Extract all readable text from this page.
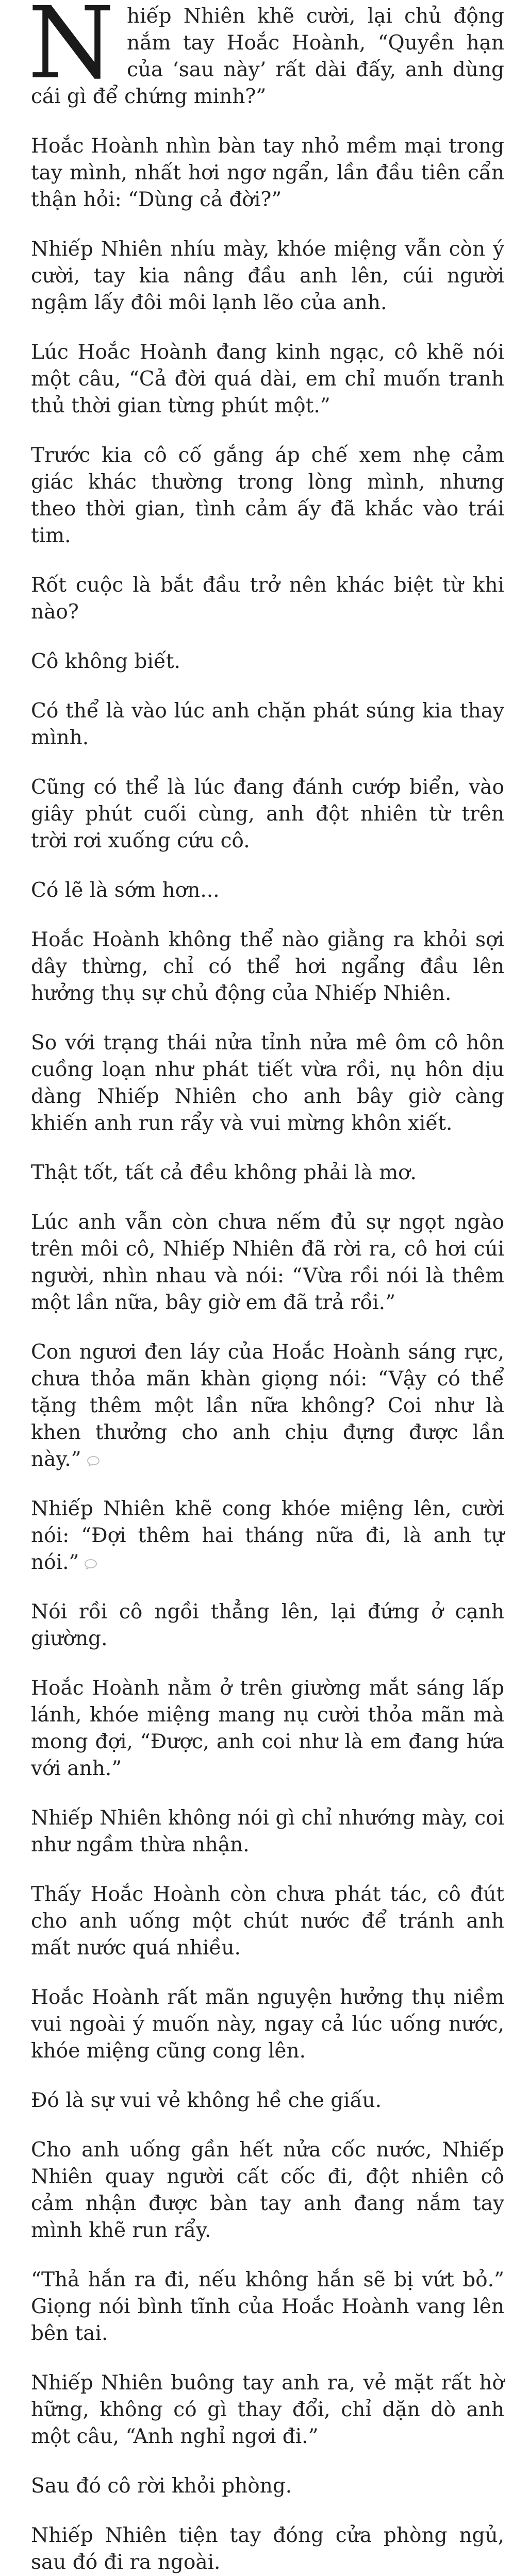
Nhiếp Nhiên khẽ cười, lại chủ động nắm tay Hoắc Hoành, “Quyền hạn của ‘sau này’ rất dài đấy, anh dùng cái gì để chứng minh?”

Hoắc Hoành nhìn bàn tay nhỏ mềm mại trong tay mình, nhất hơi ngơ ngẩn, lần đầu tiên cẩn thận hỏi: “Dùng cả đời?”

Nhiếp Nhiên nhíu mày, khóe miệng vẫn còn ý cười, tay kia nâng đầu anh lên, cúi người ngậm lấy đôi môi lạnh lẽo của anh.

Lúc Hoắc Hoành đang kinh ngạc, cô khẽ nói một câu, “Cả đời quá dài, em chỉ muốn tranh thủ thời gian từng phút một.”

Trước kia cô cố gắng áp chế xem nhẹ cảm giác khác thường trong lòng mình, nhưng theo thời gian, tình cảm ấy đã khắc vào trái tim.

Rốt cuộc là bắt đầu trở nên khác biệt từ khi nào?

Cô không biết.

Có thể là vào lúc anh chặn phát súng kia thay mình.

Cũng có thể là lúc đang đánh cướp biển, vào giây phút cuối cùng, anh đột nhiên từ trên trời rơi xuống cứu cô.

Có lẽ là sớm hơn...

Hoắc Hoành không thể nào giằng ra khỏi sợi dây thừng, chỉ có thể hơi ngẩng đầu lên hưởng thụ sự chủ động của Nhiếp Nhiên.

So với trạng thái nửa tỉnh nửa mê ôm cô hôn cuồng loạn như phát tiết vừa rồi, nụ hôn dịu dàng Nhiếp Nhiên cho anh bây giờ càng khiến anh run rẩy và vui mừng khôn xiết.

Thật tốt, tất cả đều không phải là mơ.

Lúc anh vẫn còn chưa nếm đủ sự ngọt ngào trên môi cô, Nhiếp Nhiên đã rời ra, cô hơi cúi người, nhìn nhau và nói: “Vừa rồi nói là thêm một lần nữa, bây giờ em đã trả rồi.”

Con ngươi đen láy của Hoắc Hoành sáng rực, chưa thỏa mãn khàn giọng nói: “Vậy có thể tặng thêm một lần nữa không? Coi như là khen thưởng cho anh chịu đựng được lần này.”

Nhiếp Nhiên khẽ cong khóe miệng lên, cười nói: “Đợi thêm hai tháng nữa đi, là anh tự nói.”

Nói rồi cô ngồi thẳng lên, lại đứng ở cạnh giường.

Hoắc Hoành nằm ở trên giường mắt sáng lấp lánh, khóe miệng mang nụ cười thỏa mãn mà mong đợi, “Được, anh coi như là em đang hứa với anh.”

Nhiếp Nhiên không nói gì chỉ nhướng mày, coi như ngầm thừa nhận.

Thấy Hoắc Hoành còn chưa phát tác, cô đút cho anh uống một chút nước để tránh anh mất nước quá nhiều.

Hoắc Hoành rất mãn nguyện hưởng thụ niềm vui ngoài ý muốn này, ngay cả lúc uống nước, khóe miệng cũng cong lên.

Đó là sự vui vẻ không hề che giấu.

Cho anh uống gần hết nửa cốc nước, Nhiếp Nhiên quay người cất cốc đi, đột nhiên cô cảm nhận được bàn tay anh đang nắm tay mình khẽ run rẩy.

“Thả hắn ra đi, nếu không hắn sẽ bị vứt bỏ.” Giọng nói bình tĩnh của Hoắc Hoành vang lên bên tai.

Nhiếp Nhiên buông tay anh ra, vẻ mặt rất hờ hững, không có gì thay đổi, chỉ dặn dò anh một câu, “Anh nghỉ ngơi đi.”

Sau đó cô rời khỏi phòng.

Nhiếp Nhiên tiện tay đóng cửa phòng ngủ, sau đó đi ra ngoài.
